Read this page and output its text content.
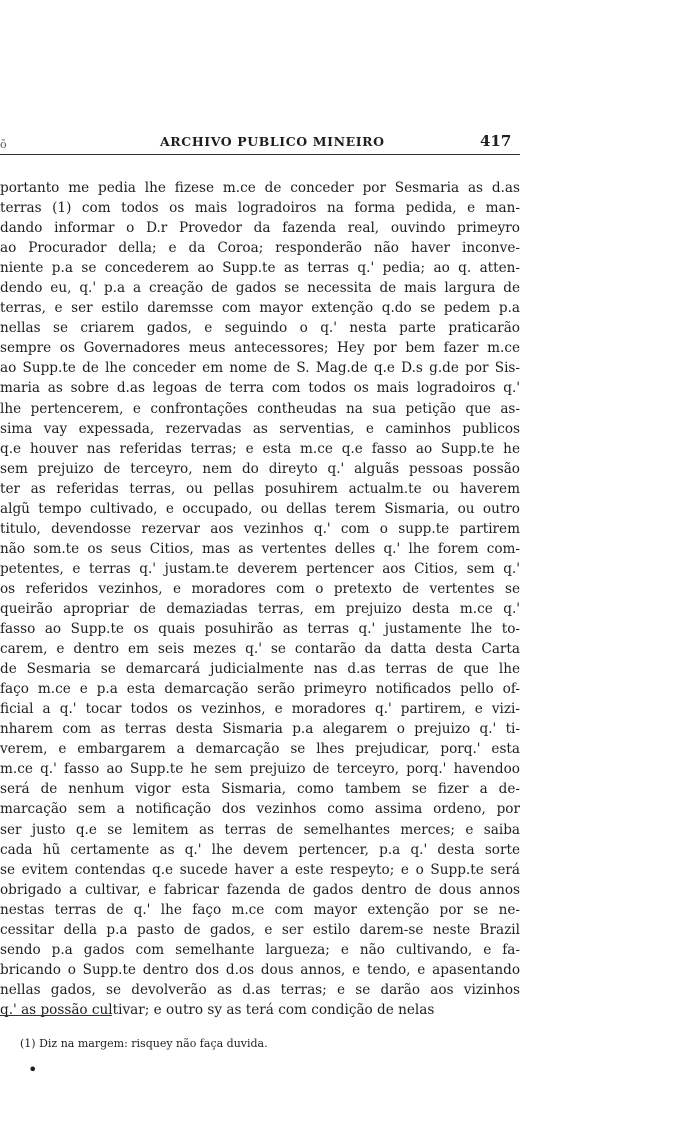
ō	ARCHIVO PUBLICO MINEIRO	417
portanto me pedia lhe fizese m.ce de conceder por Sesmaria as d.as
terras (1) com todos os mais logradoiros na forma pedida, e man-
dando informar o D.r Provedor da fazenda real, ouvindo primeyro
ao Procurador della; e da Coroa; responderão não haver inconve-
niente p.a se concederem ao Supp.te as terras q.' pedia; ao q. atten-
dendo eu, q.' p.a a creação de gados se necessita de mais largura de
terras, e ser estilo daremsse com mayor extenção q.do se pedem p.a
nellas se criarem gados, e seguindo o q.' nesta parte praticarão
sempre os Governadores meus antecessores; Hey por bem fazer m.ce
ao Supp.te de lhe conceder em nome de S. Mag.de q.e D.s g.de por Sis-
maria as sobre d.as legoas de terra com todos os mais logradoiros q.'
lhe pertencerem, e confrontações contheudas na sua petição que as-
sima vay expessada, rezervadas as serventias, e caminhos publicos
q.e houver nas referidas terras; e esta m.ce q.e fasso ao Supp.te he
sem prejuizo de terceyro, nem do direyto q.' alguãs pessoas possão
ter as referidas terras, ou pellas posuhirem actualm.te ou haverem
algũ tempo cultivado, e occupado, ou dellas terem Sismaria, ou outro
titulo, devendosse rezervar aos vezinhos q.' com o supp.te partirem
não som.te os seus Citios, mas as vertentes delles q.' lhe forem com-
petentes, e terras q.' justam.te deverem pertencer aos Citios, sem q.'
os referidos vezinhos, e moradores com o pretexto de vertentes se
queirão apropriar de demaziadas terras, em prejuizo desta m.ce q.'
fasso ao Supp.te os quais posuhirão as terras q.' justamente lhe to-
carem, e dentro em seis mezes q.' se contarão da datta desta Carta
de Sesmaria se demarcará judicialmente nas d.as terras de que lhe
faço m.ce e p.a esta demarcação serão primeyro notificados pello of-
ficial a q.' tocar todos os vezinhos, e moradores q.' partirem, e vizi-
nharem com as terras desta Sismaria p.a alegarem o prejuizo q.' ti-
verem, e embargarem a demarcação se lhes prejudicar, porq.' esta
m.ce q.' fasso ao Supp.te he sem prejuizo de terceyro, porq.' havendoo
será de nenhum vigor esta Sismaria, como tambem se fizer a de-
marcação sem a notificação dos vezinhos como assima ordeno, por
ser justo q.e se lemitem as terras de semelhantes merces; e saiba
cada hũ certamente as q.' lhe devem pertencer, p.a q.' desta sorte
se evitem contendas q.e sucede haver a este respeyto; e o Supp.te será
obrigado a cultivar, e fabricar fazenda de gados dentro de dous annos
nestas terras de q.' lhe faço m.ce com mayor extenção por se ne-
cessitar della p.a pasto de gados, e ser estilo darem-se neste Brazil
sendo p.a gados com semelhante largueza; e não cultivando, e fa-
bricando o Supp.te dentro dos d.os dous annos, e tendo, e apasentando
nellas gados, se devolverão as d.as terras; e se darão aos vizinhos
q.' as possão cultivar; e outro sy as terá com condição de nelas
(1) Diz na margem: risquey não faça duvida.
•
